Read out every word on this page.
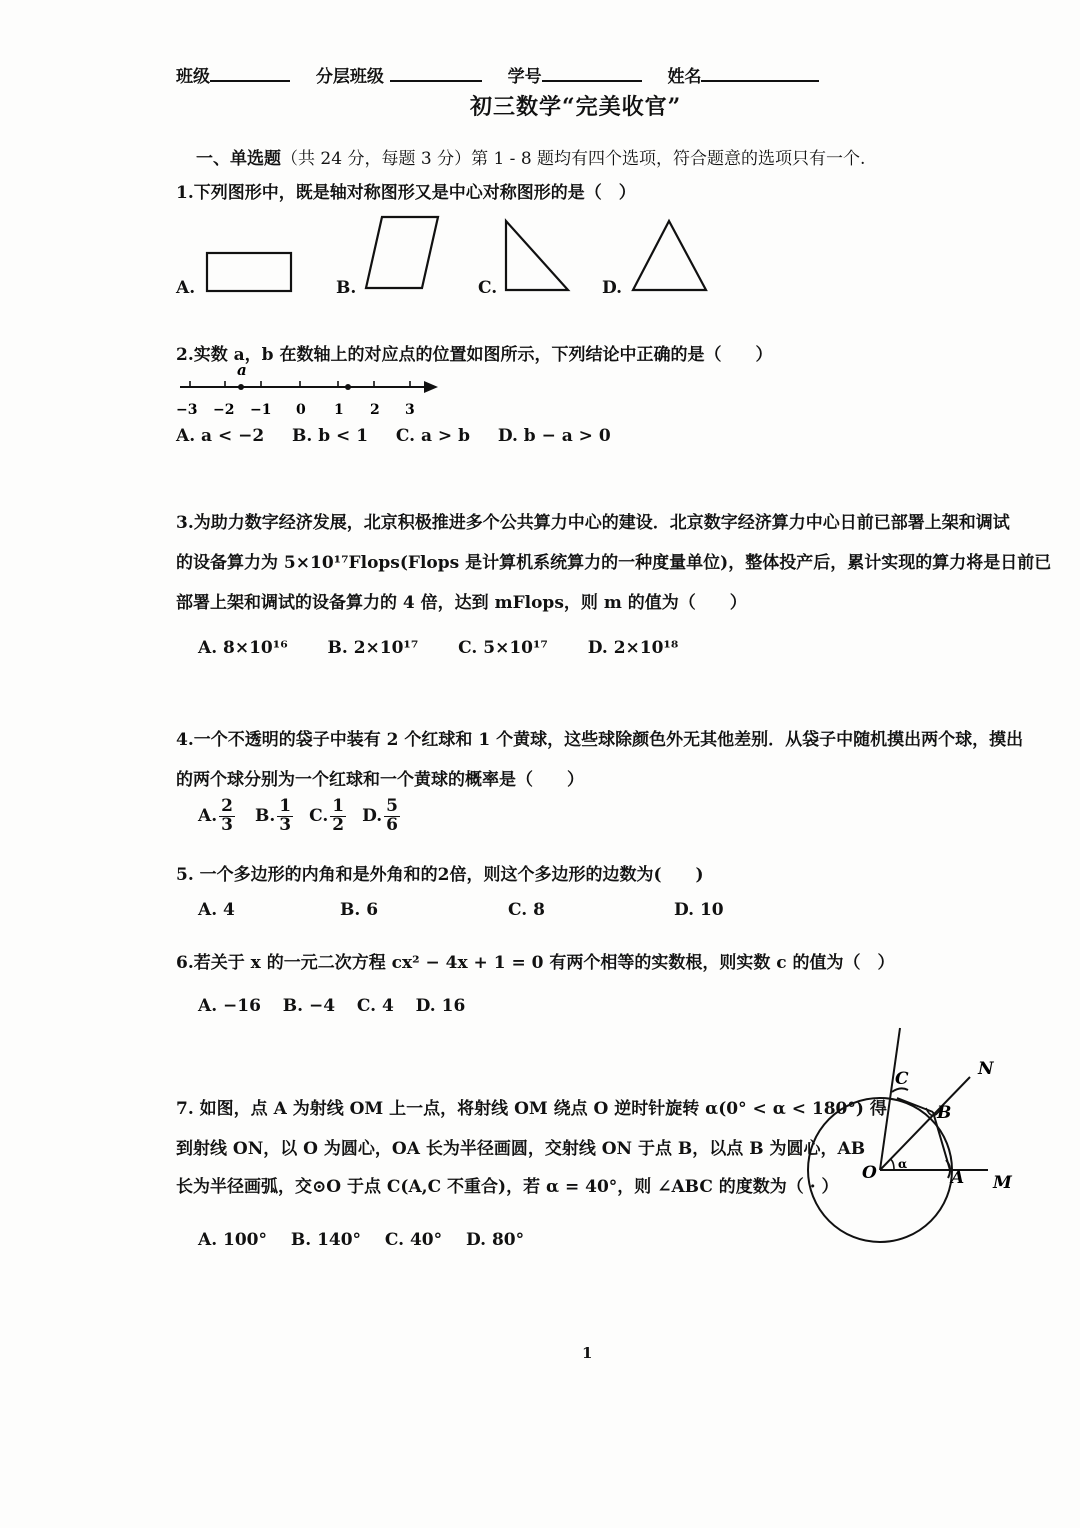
班级	分层班级	学号	姓名
初三数学“完美收官”
一、单选题（共 24 分，每题 3 分）第 1 - 8 题均有四个选项，符合题意的选项只有一个.
1.下列图形中，既是轴对称图形又是中心对称图形的是（　）
A.	B.	C.	D.
2.实数 a，b 在数轴上的对应点的位置如图所示，下列结论中正确的是（　　）
a
−3 −2 −1 0 1 2 3
A. a < −2 B. b < 1 C. a > b D. b − a > 0
3.为助力数字经济发展，北京积极推进多个公共算力中心的建设．北京数字经济算力中心日前已部署上架和调试
的设备算力为 5×10¹⁷Flops(Flops 是计算机系统算力的一种度量单位)，整体投产后，累计实现的算力将是日前已
部署上架和调试的设备算力的 4 倍，达到 mFlops，则 m 的值为（　　）
A. 8×10¹⁶ B. 2×10¹⁷ C. 5×10¹⁷ D. 2×10¹⁸
4.一个不透明的袋子中装有 2 个红球和 1 个黄球，这些球除颜色外无其他差别．从袋子中随机摸出两个球，摸出
的两个球分别为一个红球和一个黄球的概率是（　　）
A. $\frac{2}{3} B$. $\frac{1}{3} C$. $\frac{1}{2} D$. $\frac{5}{6}$
5. 一个多边形的内角和是外角和的2倍，则这个多边形的边数为(　　)
A. 4	B. 6	C. 8	D. 10
6.若关于 x 的一元二次方程 cx² − 4x + 1 = 0 有两个相等的实数根，则实数 c 的值为（　）
A. −16 B. −4 C. 4 D. 16
7. 如图，点 A 为射线 OM 上一点，将射线 OM 绕点 O 逆时针旋转 α(0° < α < 180°) 得
到射线 ON，以 O 为圆心，OA 长为半径画圆，交射线 ON 于点 B，以点 B 为圆心，AB
长为半径画弧，交⊙O 于点 C(A,C 不重合)，若 α = 40°，则 ∠ABC 的度数为（ · ）
A. 100° B. 140° C. 40° D. 80°
O	A
B
C
M
N
α
1
